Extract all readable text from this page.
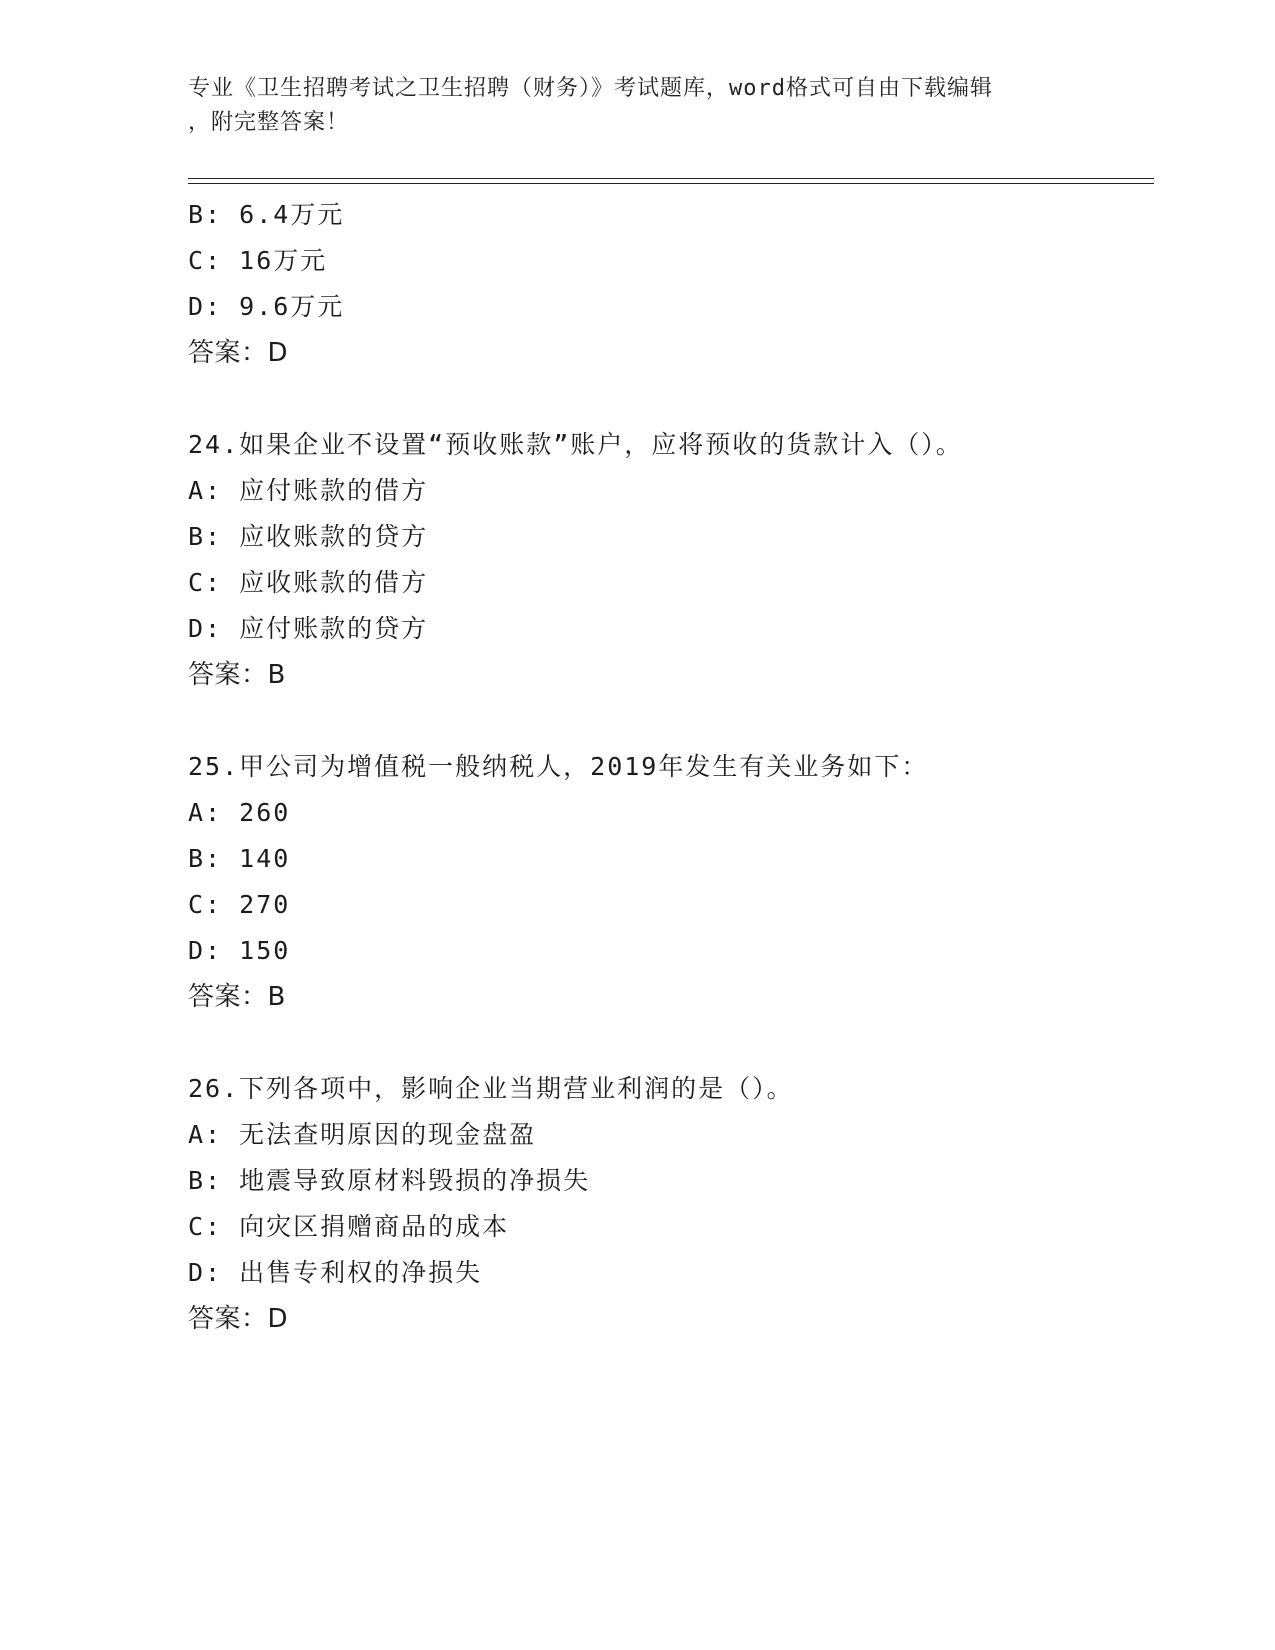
专业《卫生招聘考试之卫生招聘（财务）》考试题库，word格式可自由下载编辑
，附完整答案！
B: 6.4万元
C: 16万元
D: 9.6万元
答案：D
24.如果企业不设置“预收账款”账户，应将预收的货款计入（）。
A: 应付账款的借方
B: 应收账款的贷方
C: 应收账款的借方
D: 应付账款的贷方
答案：B
25.甲公司为增值税一般纳税人，2019年发生有关业务如下：
A: 260
B: 140
C: 270
D: 150
答案：B
26.下列各项中，影响企业当期营业利润的是（）。
A: 无法查明原因的现金盘盈
B: 地震导致原材料毁损的净损失
C: 向灾区捐赠商品的成本
D: 出售专利权的净损失
答案：D
